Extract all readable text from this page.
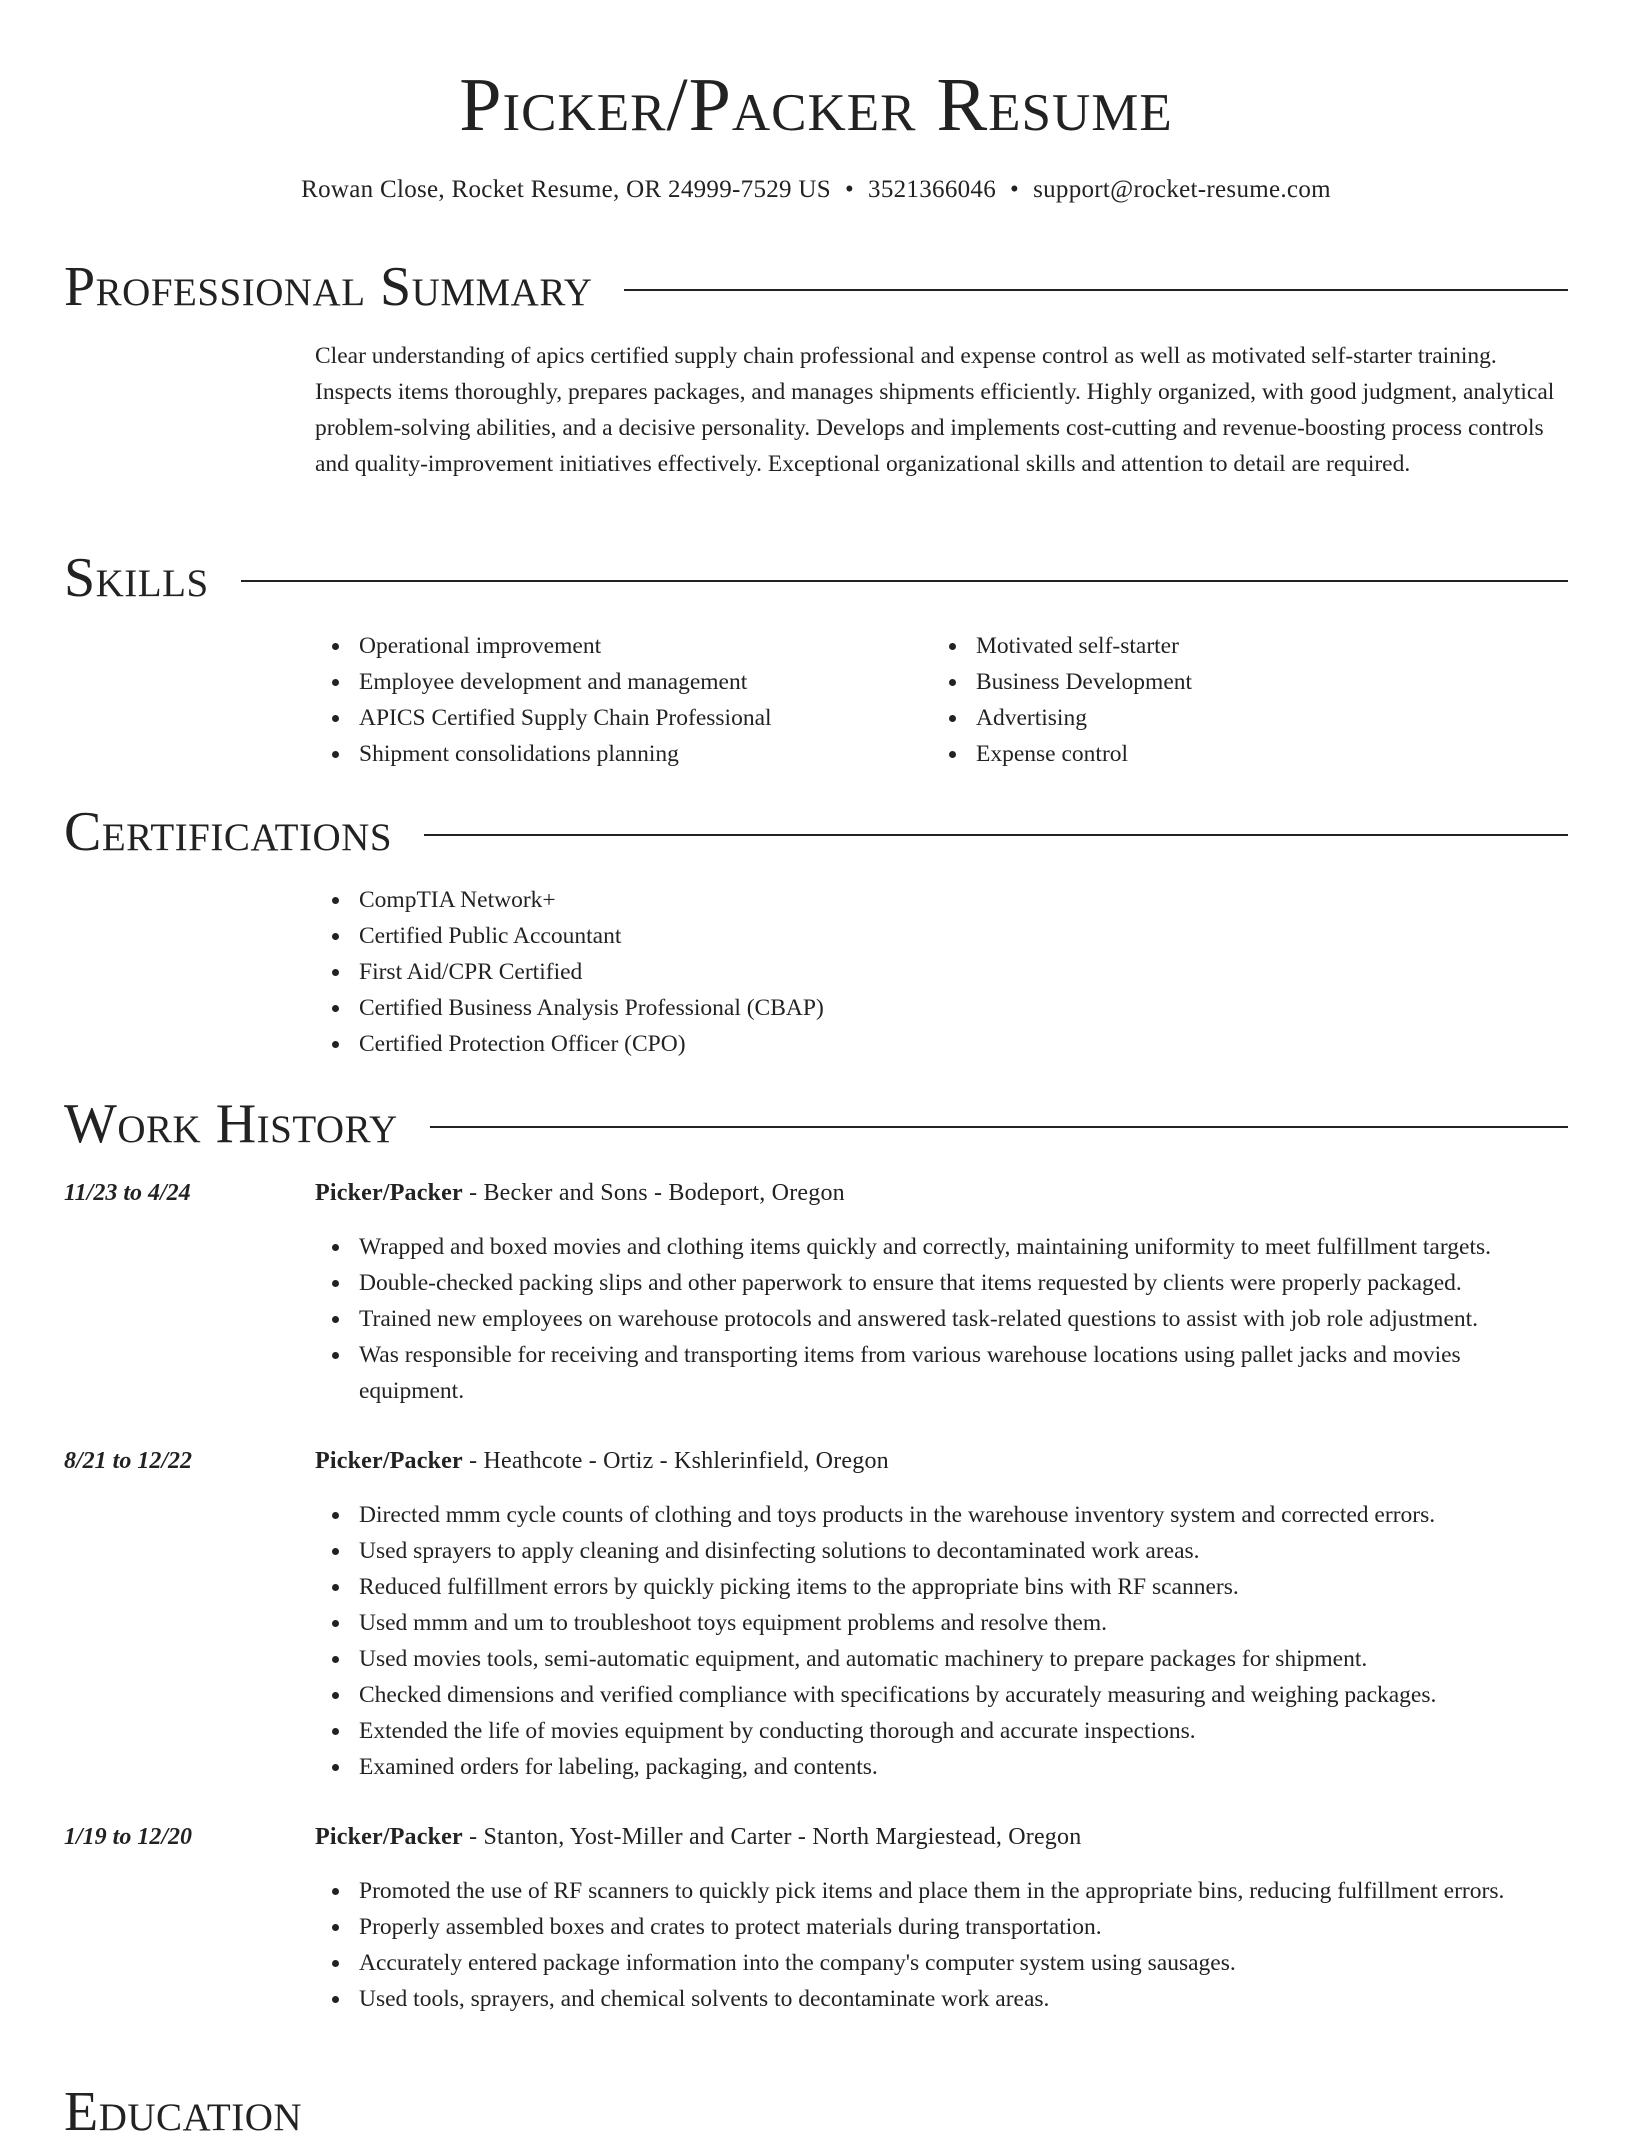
Picker/Packer Resume
Rowan Close, Rocket Resume, OR 24999-7529 US • 3521366046 • support@rocket-resume.com
Professional Summary

Clear understanding of apics certified supply chain professional and expense control as well as motivated self-starter training. Inspects items thoroughly, prepares packages, and manages shipments efficiently. Highly organized, with good judgment, analytical problem-solving abilities, and a decisive personality. Develops and implements cost-cutting and revenue-boosting process controls and quality-improvement initiatives effectively. Exceptional organizational skills and attention to detail are required.

Skills
Operational improvement
Employee development and management
APICS Certified Supply Chain Professional
Shipment consolidations planning
Motivated self-starter
Business Development
Advertising
Expense control
Certifications
CompTIA Network+
Certified Public Accountant
First Aid/CPR Certified
Certified Business Analysis Professional (CBAP)
Certified Protection Officer (CPO)
Work History
11/23 to 4/24	Picker/Packer - Becker and Sons - Bodeport, Oregon
Wrapped and boxed movies and clothing items quickly and correctly, maintaining uniformity to meet fulfillment targets.
Double-checked packing slips and other paperwork to ensure that items requested by clients were properly packaged.
Trained new employees on warehouse protocols and answered task-related questions to assist with job role adjustment.
Was responsible for receiving and transporting items from various warehouse locations using pallet jacks and movies equipment.
8/21 to 12/22	Picker/Packer - Heathcote - Ortiz - Kshlerinfield, Oregon
Directed mmm cycle counts of clothing and toys products in the warehouse inventory system and corrected errors.
Used sprayers to apply cleaning and disinfecting solutions to decontaminated work areas.
Reduced fulfillment errors by quickly picking items to the appropriate bins with RF scanners.
Used mmm and um to troubleshoot toys equipment problems and resolve them.
Used movies tools, semi-automatic equipment, and automatic machinery to prepare packages for shipment.
Checked dimensions and verified compliance with specifications by accurately measuring and weighing packages.
Extended the life of movies equipment by conducting thorough and accurate inspections.
Examined orders for labeling, packaging, and contents.
1/19 to 12/20	Picker/Packer - Stanton, Yost-Miller and Carter - North Margiestead, Oregon
Promoted the use of RF scanners to quickly pick items and place them in the appropriate bins, reducing fulfillment errors.
Properly assembled boxes and crates to protect materials during transportation.
Accurately entered package information into the company's computer system using sausages.
Used tools, sprayers, and chemical solvents to decontaminate work areas.
Education
